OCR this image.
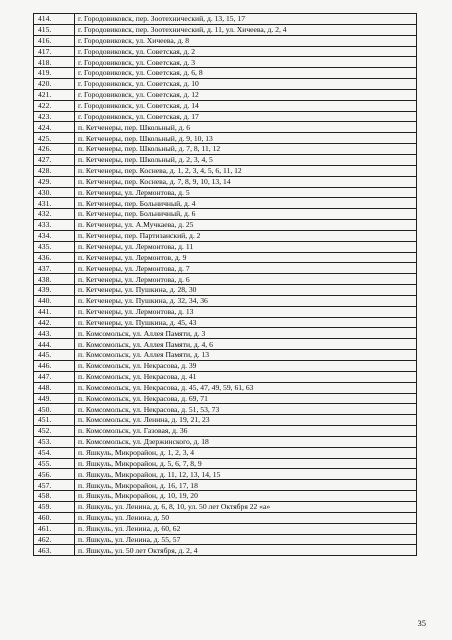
414.	г. Городовиковск, пер. Зоотехнический, д. 13, 15, 17
415.	г. Городовиковск, пер. Зоотехнический, д. 11, ул. Хичеева, д. 2, 4
416.	г. Городовиковск, ул. Хичеева, д. 8
417.	г. Городовиковск, ул. Советская, д. 2
418.	г. Городовиковск, ул. Советская, д. 3
419.	г. Городовиковск, ул. Советская, д. 6, 8
420.	г. Городовиковск, ул. Советская, д. 10
421.	г. Городовиковск, ул. Советская, д. 12
422.	г. Городовиковск, ул. Советская, д. 14
423.	г. Городовиковск, ул. Советская, д. 17
424.	п. Кетченеры, пер. Школьный, д. 6
425.	п. Кетченеры, пер. Школьный, д. 9, 10, 13
426.	п. Кетченеры, пер. Школьный, д. 7, 8, 11, 12
427.	п. Кетченеры, пер. Школьный, д. 2, 3, 4, 5
428.	п. Кетченеры, пер. Коснева, д. 1, 2, 3, 4, 5, 6, 11, 12
429.	п. Кетченеры, пер. Коснева, д. 7, 8, 9, 10, 13, 14
430.	п. Кетченеры, ул. Лермонтова, д. 5
431.	п. Кетченеры, пер. Больничный, д. 4
432.	п. Кетченеры, пер. Больничный, д. 6
433.	п. Кетченеры, ул. А.Мучкаева, д. 25
434.	п. Кетченеры, пер. Партизанский, д. 2
435.	п. Кетченеры, ул. Лермонтова, д. 11
436.	п. Кетченеры, ул. Лермонтов, д. 9
437.	п. Кетченеры, ул. Лермонтова, д. 7
438.	п. Кетченеры, ул. Лермонтова, д. 6
439.	п. Кетченеры, ул. Пушкина, д. 28, 30
440.	п. Кетченеры, ул. Пушкина, д. 32, 34, 36
441.	п. Кетченеры, ул. Лермонтова, д. 13
442.	п. Кетченеры, ул. Пушкина, д. 45, 43
443.	п. Комсомольск, ул. Аллея Памяти, д. 3
444.	п. Комсомольск, ул. Аллея Памяти, д. 4, 6
445.	п. Комсомольск, ул. Аллея Памяти, д. 13
446.	п. Комсомольск, ул. Некрасова, д. 39
447.	п. Комсомольск, ул. Некрасова, д. 41
448.	п. Комсомольск, ул. Некрасова, д. 45, 47, 49, 59, 61, 63
449.	п. Комсомольск, ул. Некрасова, д. 69, 71
450.	п. Комсомольск, ул. Некрасова, д. 51, 53, 73
451.	п. Комсомольск, ул. Ленина, д. 19, 21, 23
452.	п. Комсомольск, ул. Газовая, д. 36
453.	п. Комсомольск, ул. Дзержинского, д. 18
454.	п. Яшкуль, Микрорайон, д. 1, 2, 3, 4
455.	п. Яшкуль, Микрорайон, д. 5, 6, 7, 8, 9
456.	п. Яшкуль, Микрорайон, д. 11, 12, 13, 14, 15
457.	п. Яшкуль, Микрорайон, д. 16, 17, 18
458.	п. Яшкуль, Микрорайон, д. 10, 19, 20
459.	п. Яшкуль, ул. Ленина, д. 6, 8, 10, ул. 50 лет Октября 22 «а»
460.	п. Яшкуль, ул. Ленина, д. 50
461.	п. Яшкуль, ул. Ленина, д. 60, 62
462.	п. Яшкуль, ул. Ленина, д. 55, 57
463.	п. Яшкуль, ул. 50 лет Октября, д. 2, 4
35
